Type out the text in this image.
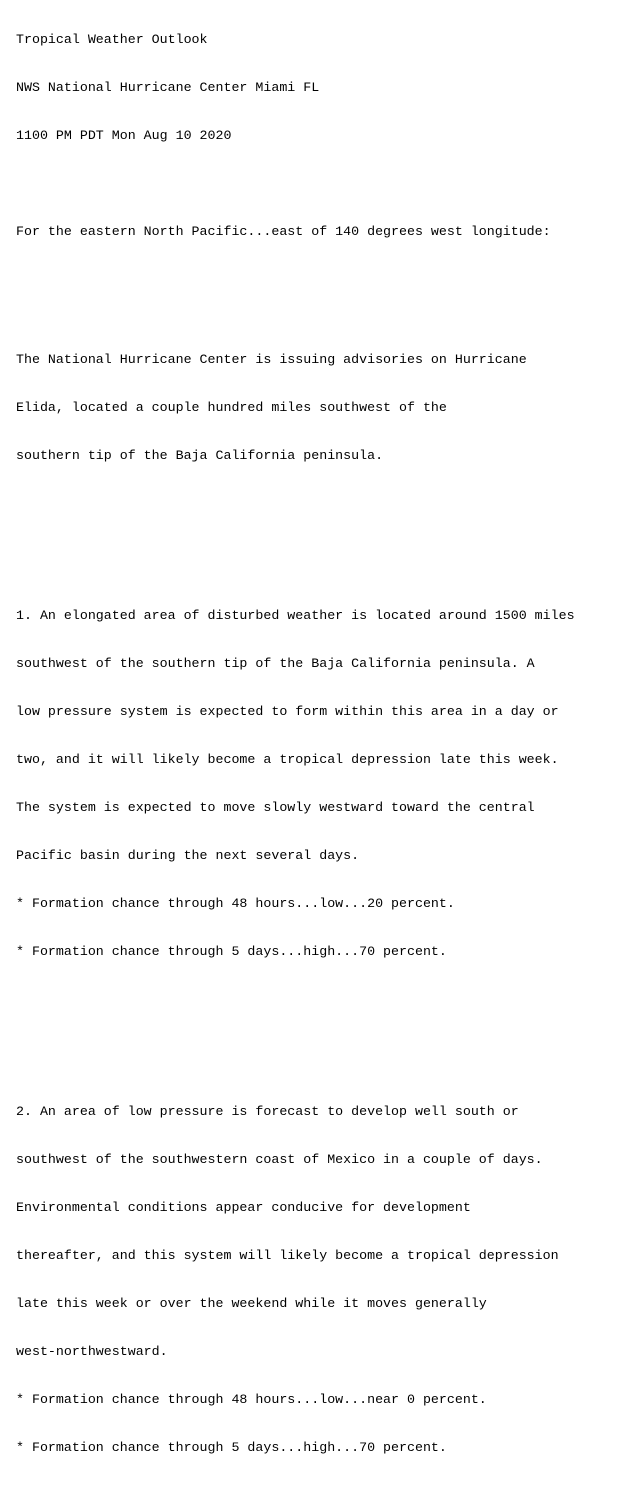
Tropical Weather Outlook

NWS National Hurricane Center Miami FL

1100 PM PDT Mon Aug 10 2020

For the eastern North Pacific...east of 140 degrees west longitude:

The National Hurricane Center is issuing advisories on Hurricane

Elida, located a couple hundred miles southwest of the

southern tip of the Baja California peninsula.

1. An elongated area of disturbed weather is located around 1500 miles

southwest of the southern tip of the Baja California peninsula. A

low pressure system is expected to form within this area in a day or

two, and it will likely become a tropical depression late this week.

The system is expected to move slowly westward toward the central

Pacific basin during the next several days.

* Formation chance through 48 hours...low...20 percent.

* Formation chance through 5 days...high...70 percent.

2. An area of low pressure is forecast to develop well south or

southwest of the southwestern coast of Mexico in a couple of days.

Environmental conditions appear conducive for development

thereafter, and this system will likely become a tropical depression

late this week or over the weekend while it moves generally

west-northwestward.

* Formation chance through 48 hours...low...near 0 percent.

* Formation chance through 5 days...high...70 percent.
